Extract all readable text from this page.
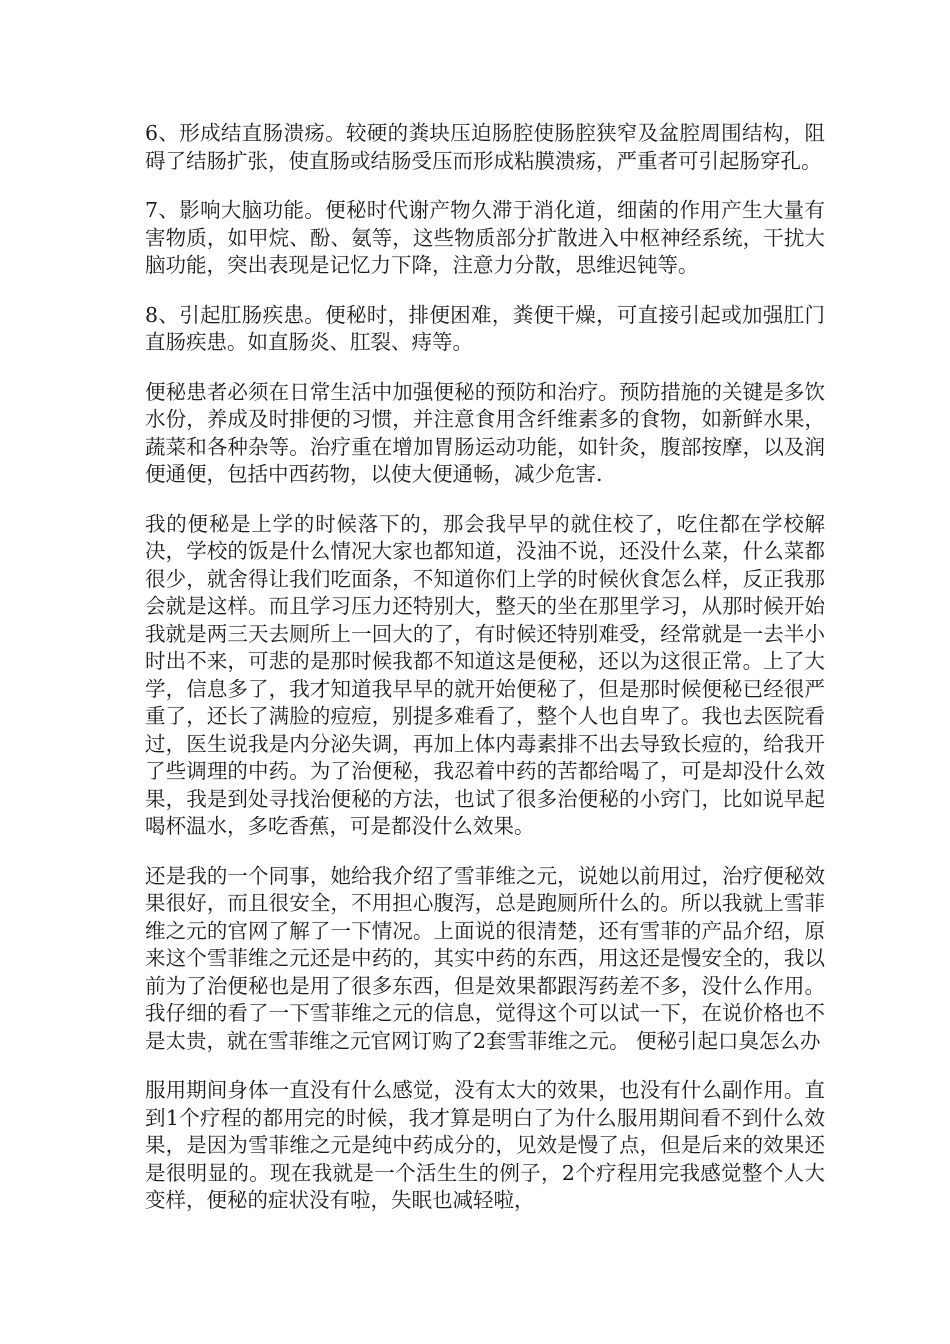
6、形成结直肠溃疡。较硬的粪块压迫肠腔使肠腔狭窄及盆腔周围结构，阻碍了结肠扩张，使直肠或结肠受压而形成粘膜溃疡，严重者可引起肠穿孔。

7、影响大脑功能。便秘时代谢产物久滞于消化道，细菌的作用产生大量有害物质，如甲烷、酚、氨等，这些物质部分扩散进入中枢神经系统，干扰大脑功能，突出表现是记忆力下降，注意力分散，思维迟钝等。

8、引起肛肠疾患。便秘时，排便困难，粪便干燥，可直接引起或加强肛门直肠疾患。如直肠炎、肛裂、痔等。

便秘患者必须在日常生活中加强便秘的预防和治疗。预防措施的关键是多饮水份，养成及时排便的习惯，并注意食用含纤维素多的食物，如新鲜水果，蔬菜和各种杂等。治疗重在增加胃肠运动功能，如针灸，腹部按摩，以及润便通便，包括中西药物，以使大便通畅，减少危害.

我的便秘是上学的时候落下的，那会我早早的就住校了，吃住都在学校解决，学校的饭是什么情况大家也都知道，没油不说，还没什么菜，什么菜都很少，就舍得让我们吃面条，不知道你们上学的时候伙食怎么样，反正我那会就是这样。而且学习压力还特别大，整天的坐在那里学习，从那时候开始我就是两三天去厕所上一回大的了，有时候还特别难受，经常就是一去半小时出不来，可悲的是那时候我都不知道这是便秘，还以为这很正常。上了大学，信息多了，我才知道我早早的就开始便秘了，但是那时候便秘已经很严重了，还长了满脸的痘痘，别提多难看了，整个人也自卑了。我也去医院看过，医生说我是内分泌失调，再加上体内毒素排不出去导致长痘的，给我开了些调理的中药。为了治便秘，我忍着中药的苦都给喝了，可是却没什么效果，我是到处寻找治便秘的方法，也试了很多治便秘的小窍门，比如说早起喝杯温水，多吃香蕉，可是都没什么效果。

还是我的一个同事，她给我介绍了雪菲维之元，说她以前用过，治疗便秘效果很好，而且很安全，不用担心腹泻，总是跑厕所什么的。所以我就上雪菲维之元的官网了解了一下情况。上面说的很清楚，还有雪菲的产品介绍，原来这个雪菲维之元还是中药的，其实中药的东西，用这还是慢安全的，我以前为了治便秘也是用了很多东西，但是效果都跟泻药差不多，没什么作用。我仔细的看了一下雪菲维之元的信息，觉得这个可以试一下，在说价格也不是太贵，就在雪菲维之元官网订购了2套雪菲维之元。 便秘引起口臭怎么办

服用期间身体一直没有什么感觉，没有太大的效果，也没有什么副作用。直到1个疗程的都用完的时候，我才算是明白了为什么服用期间看不到什么效果，是因为雪菲维之元是纯中药成分的，见效是慢了点，但是后来的效果还是很明显的。现在我就是一个活生生的例子，2个疗程用完我感觉整个人大变样，便秘的症状没有啦，失眠也减轻啦，
